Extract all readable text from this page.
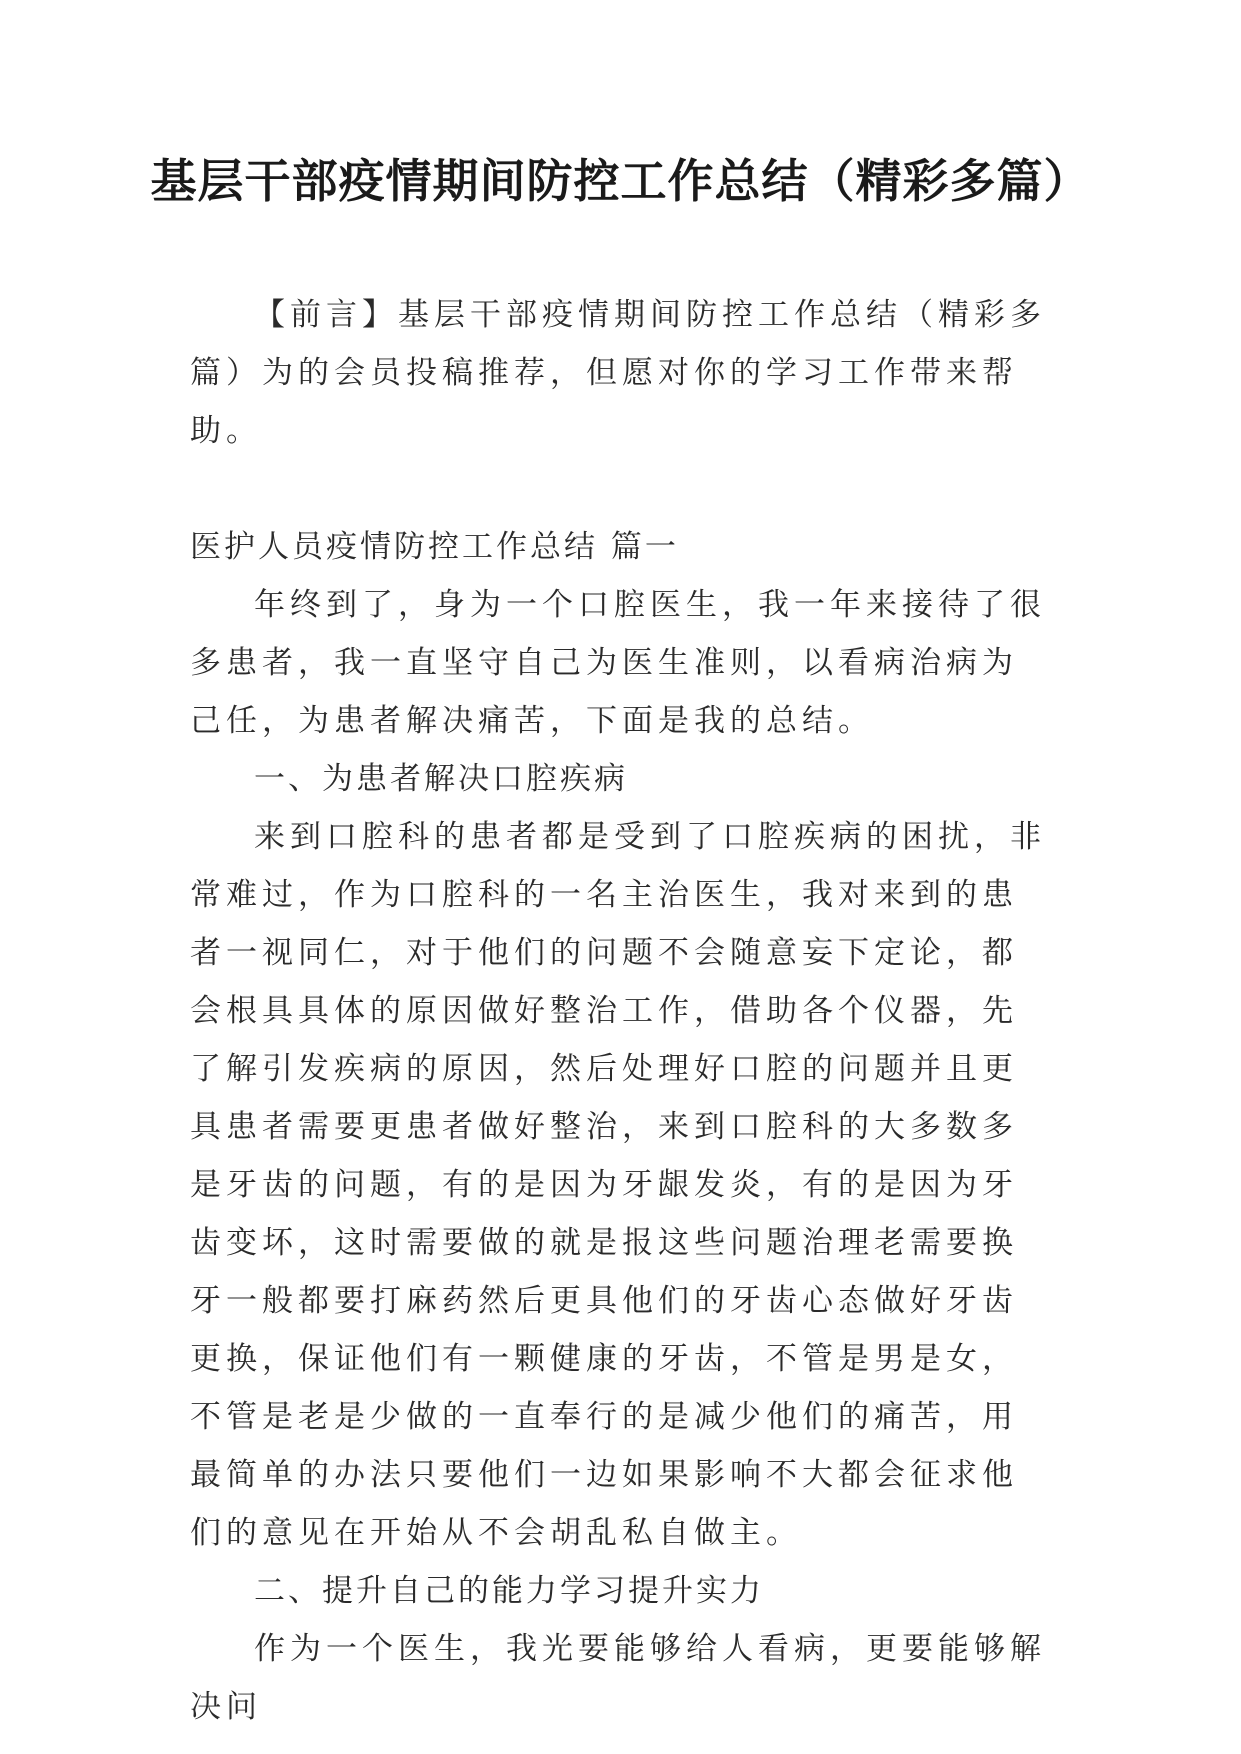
基层干部疫情期间防控工作总结（精彩多篇）

【前言】基层干部疫情期间防控工作总结（精彩多篇）为的会员投稿推荐，但愿对你的学习工作带来帮助。

医护人员疫情防控工作总结 篇一

年终到了，身为一个口腔医生，我一年来接待了很多患者，我一直坚守自己为医生准则，以看病治病为己任，为患者解决痛苦，下面是我的总结。

一、为患者解决口腔疾病

来到口腔科的患者都是受到了口腔疾病的困扰，非常难过，作为口腔科的一名主治医生，我对来到的患者一视同仁，对于他们的问题不会随意妄下定论，都会根具具体的原因做好整治工作，借助各个仪器，先了解引发疾病的原因，然后处理好口腔的问题并且更具患者需要更患者做好整治，来到口腔科的大多数多是牙齿的问题，有的是因为牙龈发炎，有的是因为牙齿变坏，这时需要做的就是报这些问题治理老需要换牙一般都要打麻药然后更具他们的牙齿心态做好牙齿更换，保证他们有一颗健康的牙齿，不管是男是女，不管是老是少做的一直奉行的是减少他们的痛苦，用最简单的办法只要他们一边如果影响不大都会征求他们的意见在开始从不会胡乱私自做主。

二、提升自己的能力学习提升实力

作为一个医生，我光要能够给人看病，更要能够解决问
